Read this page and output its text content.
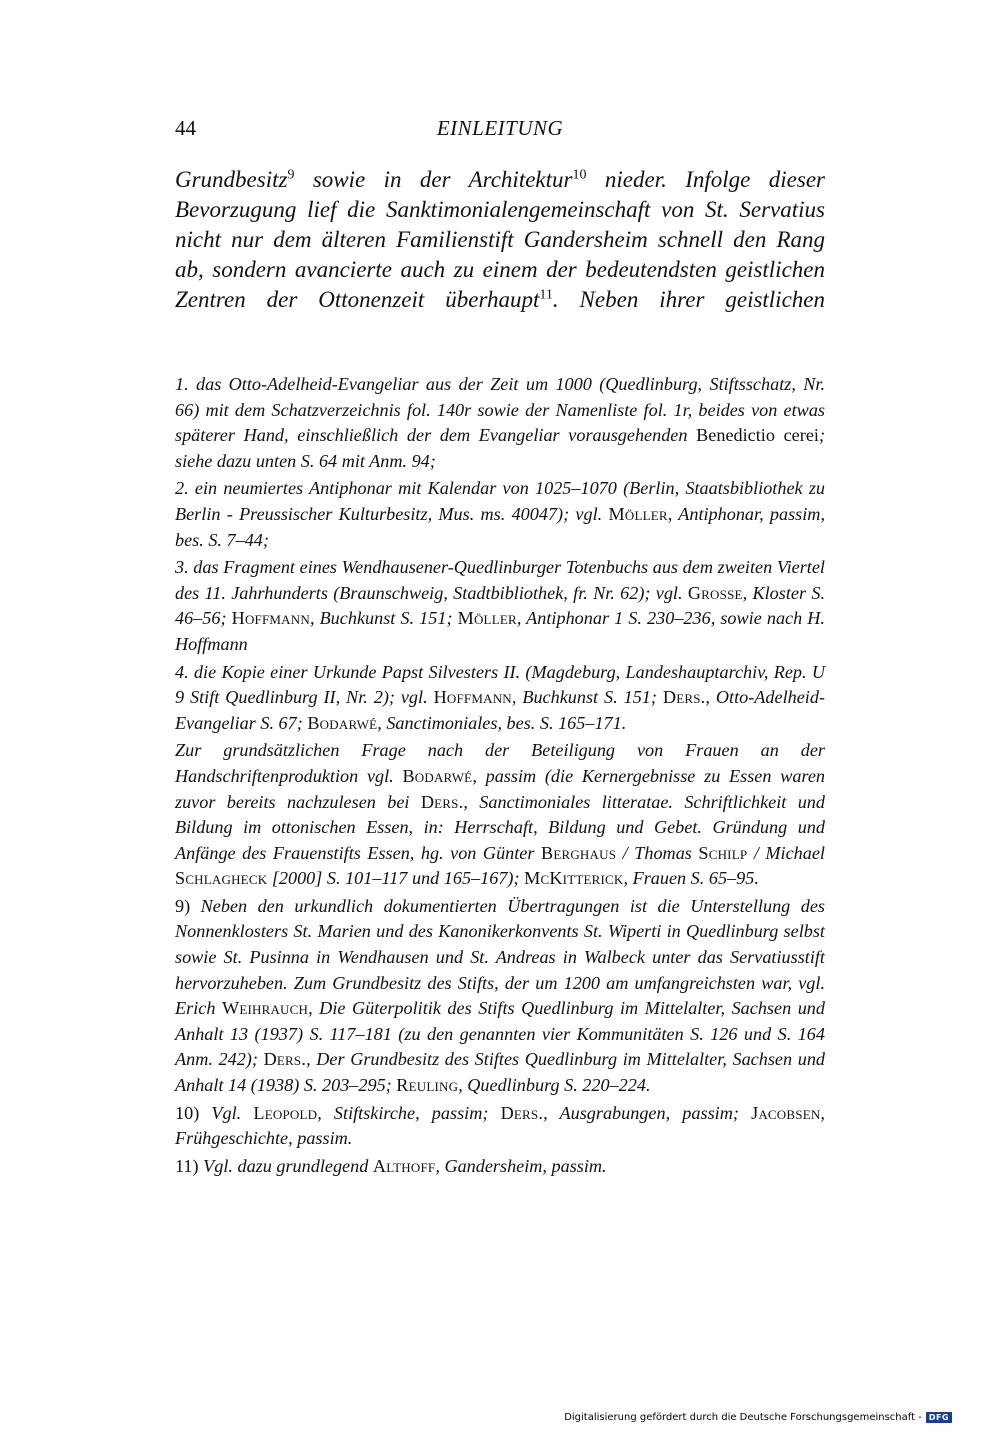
44	EINLEITUNG
Grundbesitz$^9$ sowie in der Architektur$^{10}$ nieder. Infolge dieser
Bevorzugung lief die Sanktimonialengemeinschaft von St. Servatius
nicht nur dem älteren Familienstift Gandersheim schnell den Rang
ab, sondern avancierte auch zu einem der bedeutendsten geistlichen
Zentren der Ottonenzeit überhaupt$^{11}$. Neben ihrer geistlichen

1. das Otto-Adelheid-Evangeliar aus der Zeit um 1000 (Quedlinburg, Stiftsschatz, Nr. 66) mit dem Schatzverzeichnis fol. 140r sowie der Namenliste fol. 1r, beides von etwas späterer Hand, einschließlich der dem Evangeliar vorausgehenden Benedictio cerei; siehe dazu unten S. 64 mit Anm. 94;

2. ein neumiertes Antiphonar mit Kalendar von 1025–1070 (Berlin, Staatsbibliothek zu Berlin - Preussischer Kulturbesitz, Mus. ms. 40047); vgl. Möller, Antiphonar, passim, bes. S. 7–44;

3. das Fragment eines Wendhausener-Quedlinburger Totenbuchs aus dem zweiten Viertel des 11. Jahrhunderts (Braunschweig, Stadtbibliothek, fr. Nr. 62); vgl. Grosse, Kloster S. 46–56; Hoffmann, Buchkunst S. 151; Möller, Antiphonar 1 S. 230–236, sowie nach H. Hoffmann

4. die Kopie einer Urkunde Papst Silvesters II. (Magdeburg, Landeshauptarchiv, Rep. U 9 Stift Quedlinburg II, Nr. 2); vgl. Hoffmann, Buchkunst S. 151; Ders., Otto-Adelheid-Evangeliar S. 67; Bodarwé, Sanctimoniales, bes. S. 165–171.

Zur grundsätzlichen Frage nach der Beteiligung von Frauen an der Handschriftenproduktion vgl. Bodarwé, passim (die Kernergebnisse zu Essen waren zuvor bereits nachzulesen bei Ders., Sanctimoniales litteratae. Schriftlichkeit und Bildung im ottonischen Essen, in: Herrschaft, Bildung und Gebet. Gründung und Anfänge des Frauenstifts Essen, hg. von Günter Berghaus / Thomas Schilp / Michael Schlagheck [2000] S. 101–117 und 165–167); McKitterick, Frauen S. 65–95.

9) Neben den urkundlich dokumentierten Übertragungen ist die Unterstellung des Nonnenklosters St. Marien und des Kanonikerkonvents St. Wiperti in Quedlinburg selbst sowie St. Pusinna in Wendhausen und St. Andreas in Walbeck unter das Servatiusstift hervorzuheben. Zum Grundbesitz des Stifts, der um 1200 am umfangreichsten war, vgl. Erich Weihrauch, Die Güterpolitik des Stifts Quedlinburg im Mittelalter, Sachsen und Anhalt 13 (1937) S. 117–181 (zu den genannten vier Kommunitäten S. 126 und S. 164 Anm. 242); Ders., Der Grundbesitz des Stiftes Quedlinburg im Mittelalter, Sachsen und Anhalt 14 (1938) S. 203–295; Reuling, Quedlinburg S. 220–224.

10) Vgl. Leopold, Stiftskirche, passim; Ders., Ausgrabungen, passim; Jacobsen, Frühgeschichte, passim.

11) Vgl. dazu grundlegend Althoff, Gandersheim, passim.

Digitalisierung gefördert durch die Deutsche Forschungsgemeinschaft - DFG
